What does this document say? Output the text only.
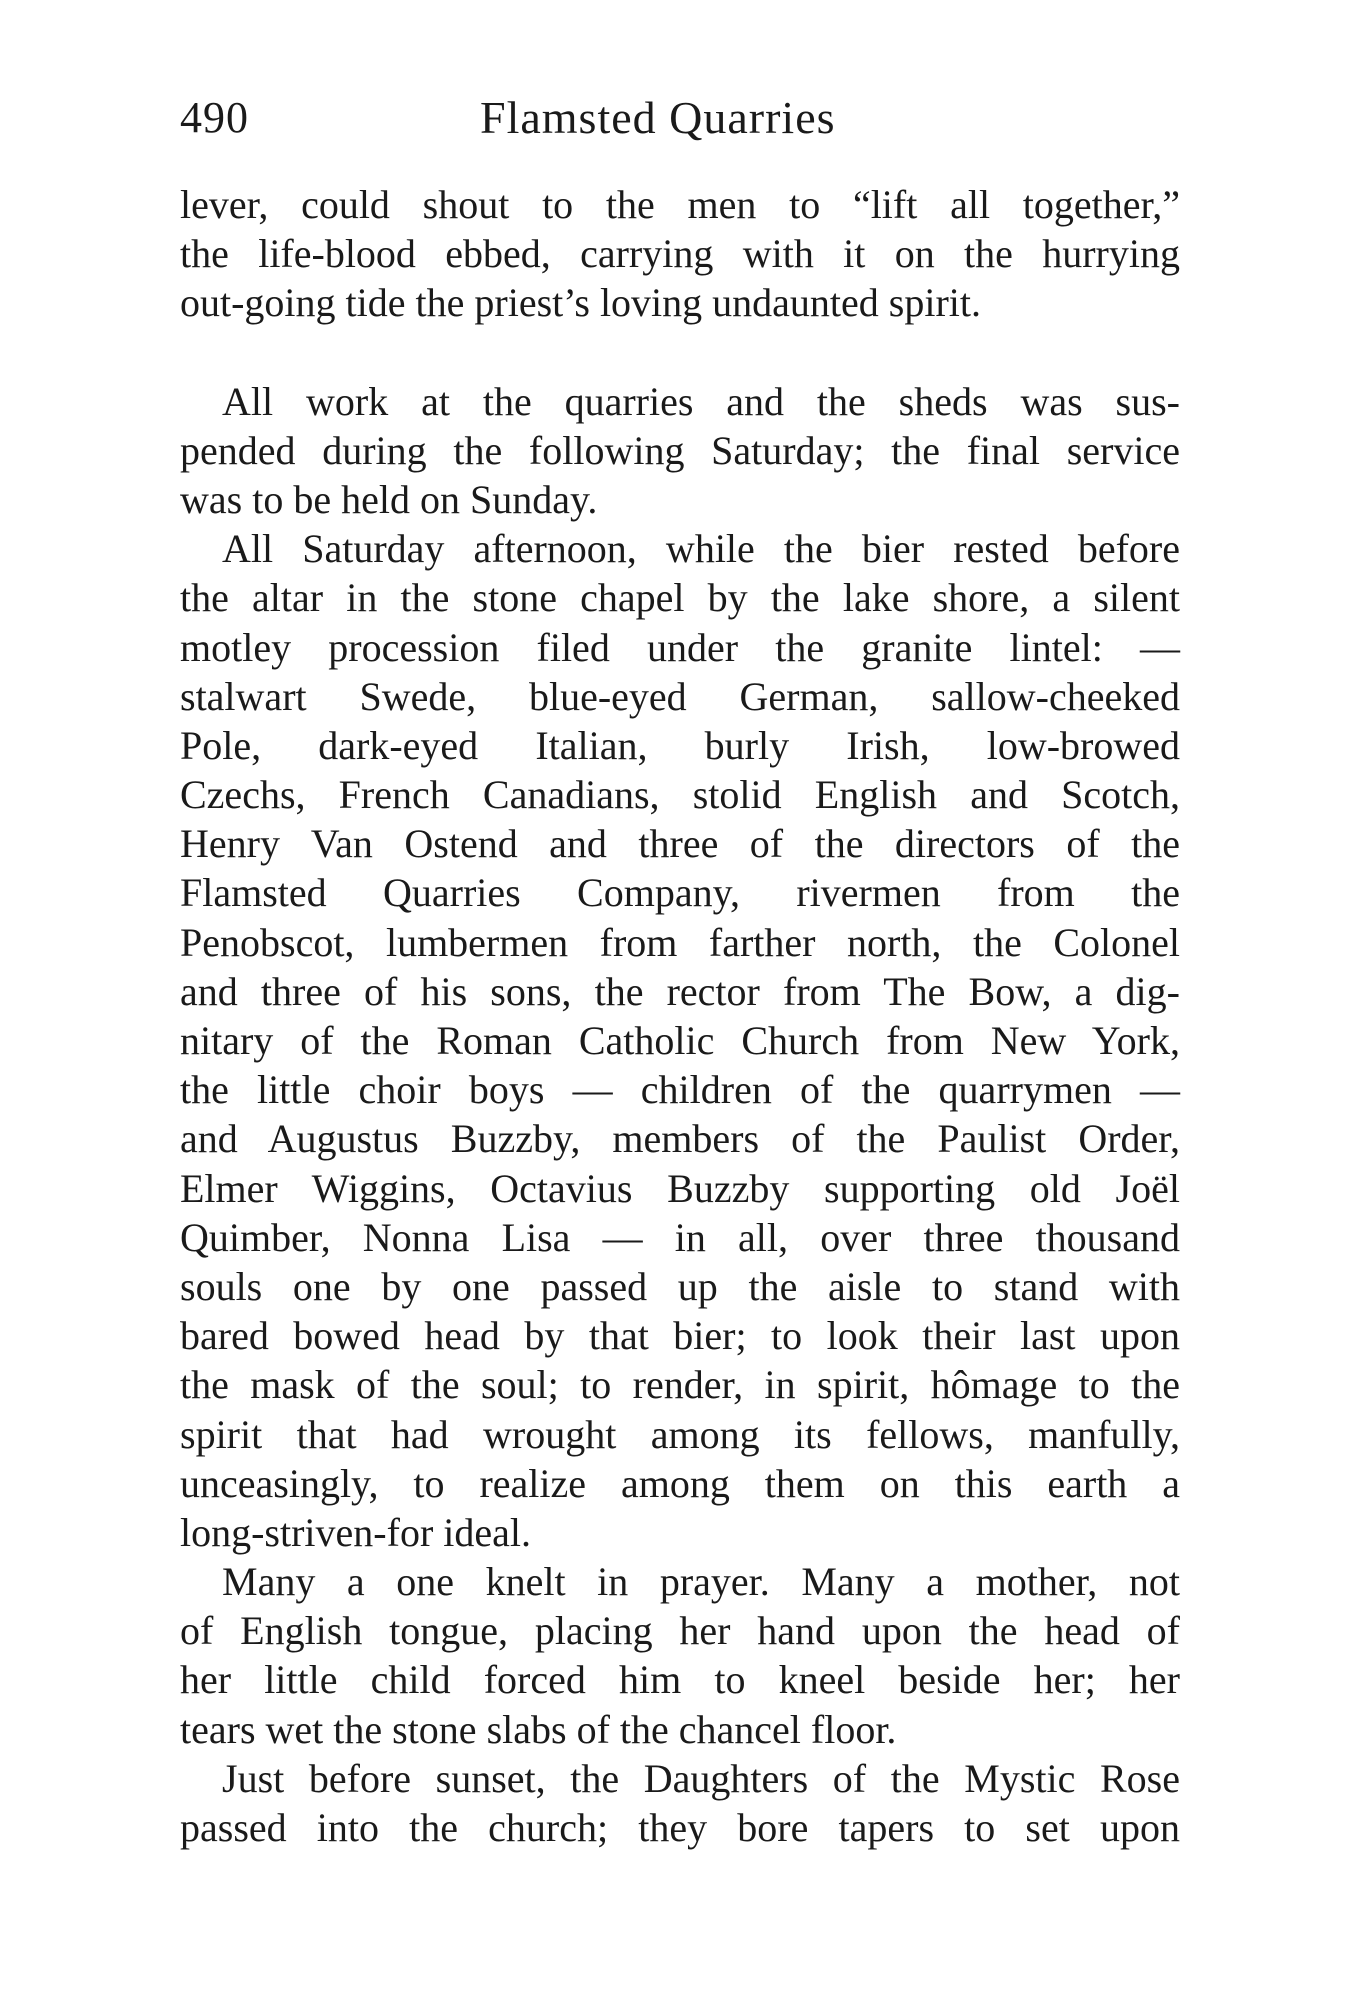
490	Flamsted Quarries
lever, could shout to the men to “lift all together,”
the life-blood ebbed, carrying with it on the hurrying
out-going tide the priest’s loving undaunted spirit.
All work at the quarries and the sheds was sus-
pended during the following Saturday; the final service
was to be held on Sunday.
All Saturday afternoon, while the bier rested before
the altar in the stone chapel by the lake shore, a silent
motley procession filed under the granite lintel: —
stalwart Swede, blue-eyed German, sallow-cheeked
Pole, dark-eyed Italian, burly Irish, low-browed
Czechs, French Canadians, stolid English and Scotch,
Henry Van Ostend and three of the directors of the
Flamsted Quarries Company, rivermen from the
Penobscot, lumbermen from farther north, the Colonel
and three of his sons, the rector from The Bow, a dig-
nitary of the Roman Catholic Church from New York,
the little choir boys — children of the quarrymen —
and Augustus Buzzby, members of the Paulist Order,
Elmer Wiggins, Octavius Buzzby supporting old Joël
Quimber, Nonna Lisa — in all, over three thousand
souls one by one passed up the aisle to stand with
bared bowed head by that bier; to look their last upon
the mask of the soul; to render, in spirit, hômage to the
spirit that had wrought among its fellows, manfully,
unceasingly, to realize among them on this earth a
long-striven-for ideal.
Many a one knelt in prayer. Many a mother, not
of English tongue, placing her hand upon the head of
her little child forced him to kneel beside her; her
tears wet the stone slabs of the chancel floor.
Just before sunset, the Daughters of the Mystic Rose
passed into the church; they bore tapers to set upon
